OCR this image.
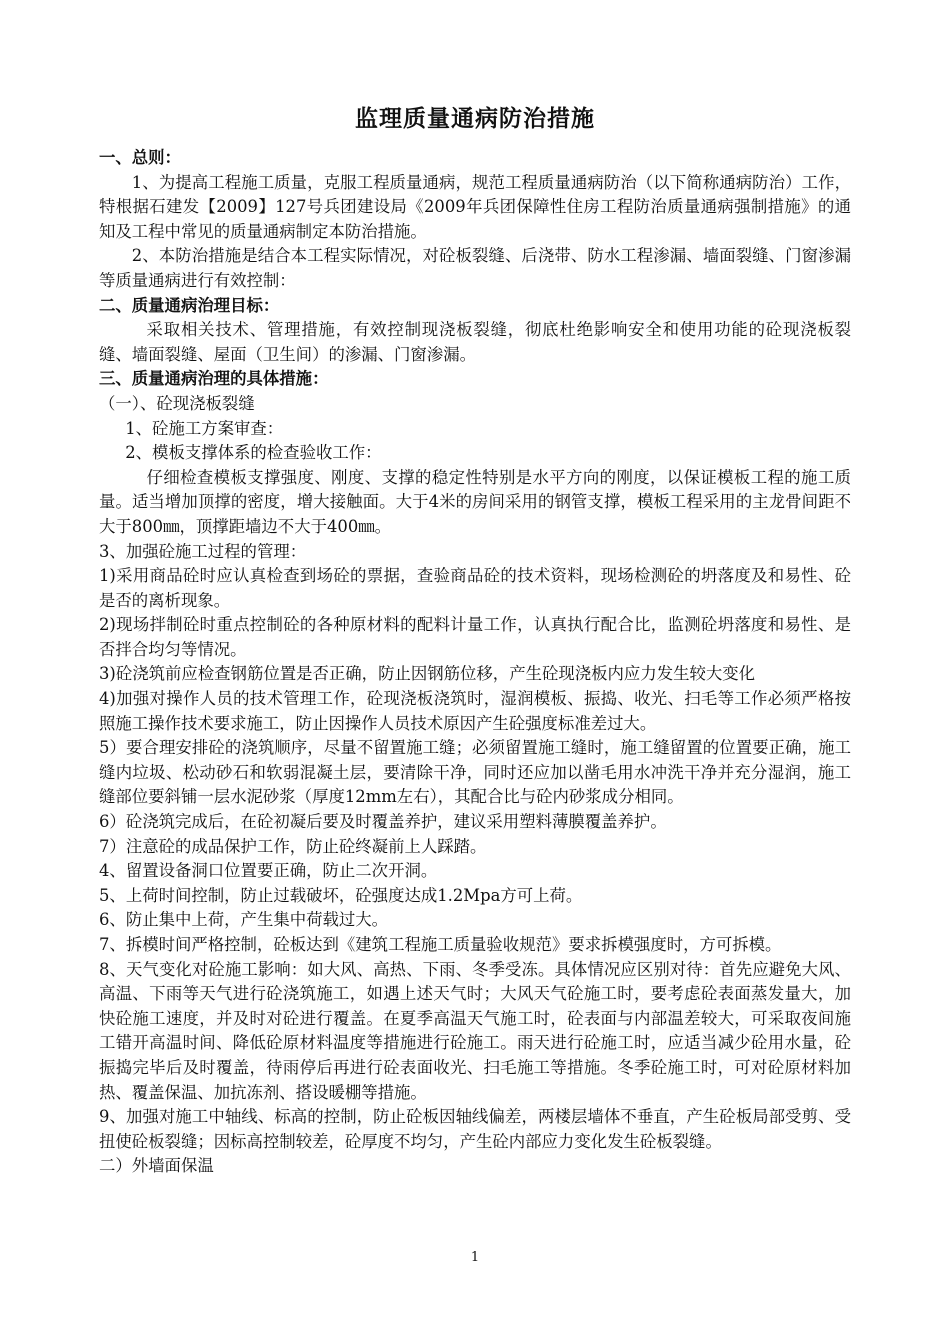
监理质量通病防治措施

一、总则：

1、为提高工程施工质量，克服工程质量通病，规范工程质量通病防治（以下简称通病防治）工作，特根据石建发【2009】127号兵团建设局《2009年兵团保障性住房工程防治质量通病强制措施》的通知及工程中常见的质量通病制定本防治措施。

2、本防治措施是结合本工程实际情况，对砼板裂缝、后浇带、防水工程渗漏、墙面裂缝、门窗渗漏等质量通病进行有效控制：

二、质量通病治理目标：

采取相关技术、管理措施，有效控制现浇板裂缝，彻底杜绝影响安全和使用功能的砼现浇板裂缝、墙面裂缝、屋面（卫生间）的渗漏、门窗渗漏。

三、质量通病治理的具体措施：

（一）、砼现浇板裂缝

1、砼施工方案审查：

2、模板支撑体系的检查验收工作：

仔细检查模板支撑强度、刚度、支撑的稳定性特别是水平方向的刚度，以保证模板工程的施工质量。适当增加顶撑的密度，增大接触面。大于4米的房间采用的钢管支撑，模板工程采用的主龙骨间距不大于800㎜，顶撑距墙边不大于400㎜。

3、加强砼施工过程的管理：

1)采用商品砼时应认真检查到场砼的票据，查验商品砼的技术资料，现场检测砼的坍落度及和易性、砼是否的离析现象。

2)现场拌制砼时重点控制砼的各种原材料的配料计量工作，认真执行配合比，监测砼坍落度和易性、是否拌合均匀等情况。

3)砼浇筑前应检查钢筋位置是否正确，防止因钢筋位移，产生砼现浇板内应力发生较大变化

4)加强对操作人员的技术管理工作，砼现浇板浇筑时，湿润模板、振捣、收光、扫毛等工作必须严格按照施工操作技术要求施工，防止因操作人员技术原因产生砼强度标准差过大。

5）要合理安排砼的浇筑顺序，尽量不留置施工缝；必须留置施工缝时，施工缝留置的位置要正确，施工缝内垃圾、松动砂石和软弱混凝土层，要清除干净，同时还应加以凿毛用水冲洗干净并充分湿润，施工缝部位要斜铺一层水泥砂浆（厚度12mm左右），其配合比与砼内砂浆成分相同。

6）砼浇筑完成后，在砼初凝后要及时覆盖养护，建议采用塑料薄膜覆盖养护。

7）注意砼的成品保护工作，防止砼终凝前上人踩踏。

4、留置设备洞口位置要正确，防止二次开洞。

5、上荷时间控制，防止过载破坏，砼强度达成1.2Mpa方可上荷。

6、防止集中上荷，产生集中荷载过大。

7、拆模时间严格控制，砼板达到《建筑工程施工质量验收规范》要求拆模强度时，方可拆模。

8、天气变化对砼施工影响：如大风、高热、下雨、冬季受冻。具体情况应区别对待：首先应避免大风、高温、下雨等天气进行砼浇筑施工，如遇上述天气时；大风天气砼施工时，要考虑砼表面蒸发量大，加快砼施工速度，并及时对砼进行覆盖。在夏季高温天气施工时，砼表面与内部温差较大，可采取夜间施工错开高温时间、降低砼原材料温度等措施进行砼施工。雨天进行砼施工时，应适当减少砼用水量，砼振捣完毕后及时覆盖，待雨停后再进行砼表面收光、扫毛施工等措施。冬季砼施工时，可对砼原材料加热、覆盖保温、加抗冻剂、搭设暖棚等措施。

9、加强对施工中轴线、标高的控制，防止砼板因轴线偏差，两楼层墙体不垂直，产生砼板局部受剪、受扭使砼板裂缝；因标高控制较差，砼厚度不均匀，产生砼内部应力变化发生砼板裂缝。

二）外墙面保温

1
